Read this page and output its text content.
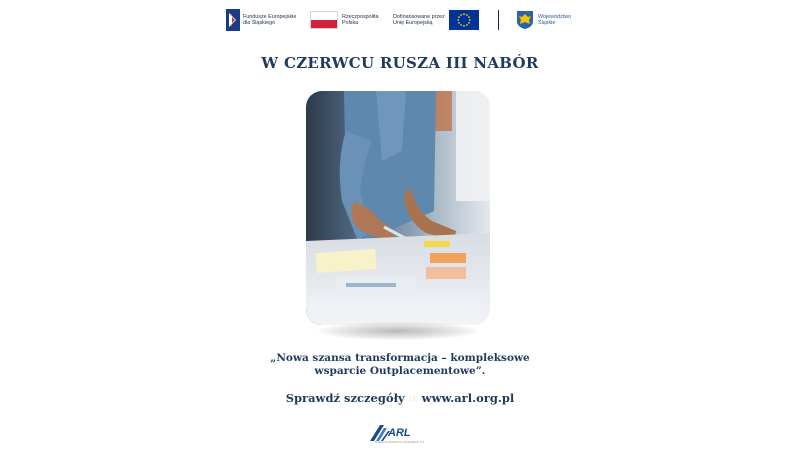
Fundusze Europejskie
dla Śląskiego
Rzeczpospolita
Polska
Dofinansowane przez
Unię Europejską
Województwo
Śląskie
W CZERWCU RUSZA III NABÓR
„Nowa szansa transformacja – kompleksowe wsparcie Outplacementowe”.
Sprawdź szczegóły ☞ www.arl.org.pl
ARL
AGENCJA ROZWOJU LOKALNEGO S.A.
